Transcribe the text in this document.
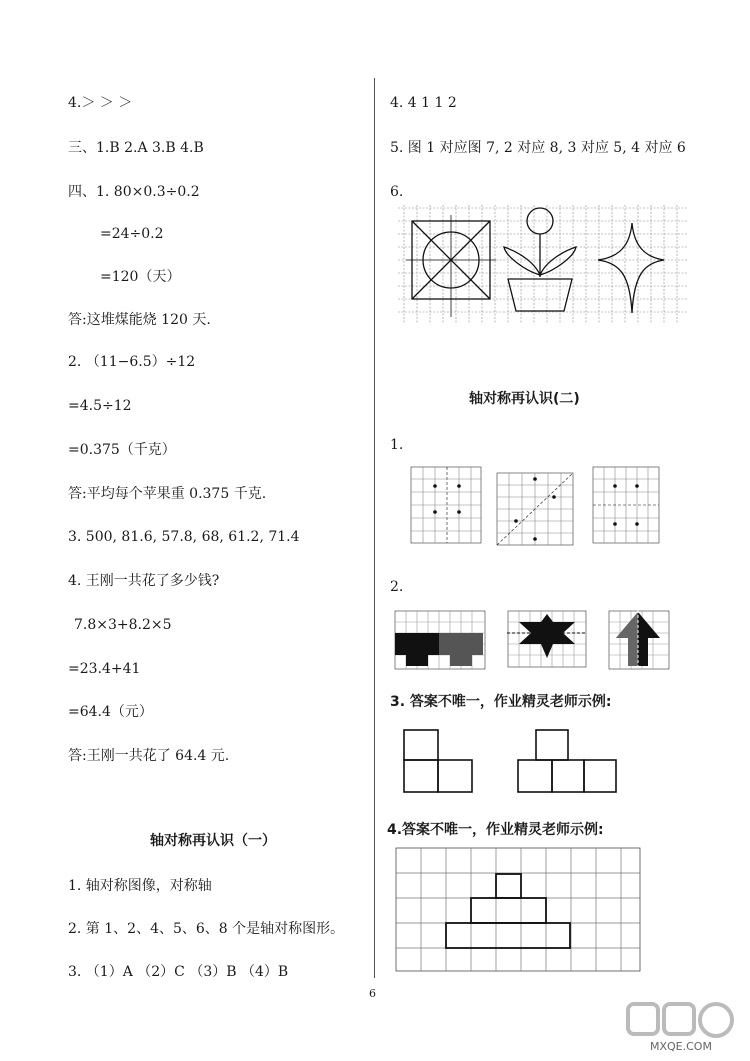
4.＞ ＞ ＞
三、1.B 2.A 3.B 4.B
四、1. 80×0.3÷0.2
=24÷0.2
=120（天）
答:这堆煤能烧 120 天.
2. （11−6.5）÷12
=4.5÷12
=0.375（千克）
答:平均每个苹果重 0.375 千克.
3. 500, 81.6, 57.8, 68, 61.2, 71.4
4. 王刚一共花了多少钱?
7.8×3+8.2×5
=23.4+41
=64.4（元）
答:王刚一共花了 64.4 元.
轴对称再认识（一）
1. 轴对称图像，对称轴
2. 第 1、2、4、5、6、8 个是轴对称图形。
3. （1）A （2）C （3）B （4）B
4. 4 1 1 2
5. 图 1 对应图 7, 2 对应 8, 3 对应 5, 4 对应 6
6.
轴对称再认识(二)
1.
2.
3. 答案不唯一，作业精灵老师示例:
4.答案不唯一，作业精灵老师示例:
6
MXQE.COM
